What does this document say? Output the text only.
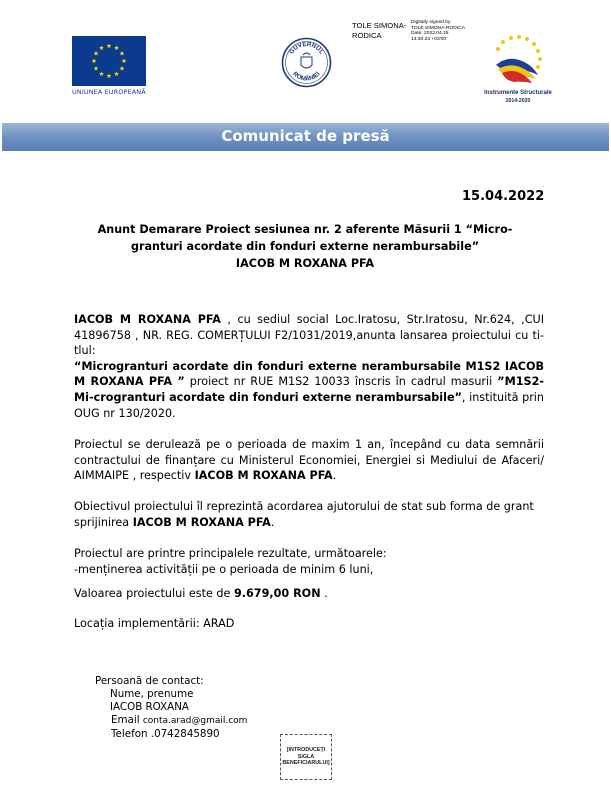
UNIUNEA EUROPEANĂ
GUVERNUL
ROMÂNIEI
TOLE SIMONA-RODICA
Digitally signed by
TOLE SIMONA-RODICA
Date: 2022.04.15
14:30:23 +03'00'
Instrumente Structurale
2014-2020
Comunicat de presă
15.04.2022
Anunt Demarare Proiect sesiunea nr. 2 aferente Măsurii 1 “Micro-
granturi acordate din fonduri externe nerambursabile”
IACOB M ROXANA PFA
IACOB M ROXANA PFA , cu sediul social Loc.Iratosu, Str.Iratosu, Nr.624, ,CUI 41896758 , NR. REG. COMERȚULUI F2/1031/2019,anunta lansarea proiectului cu ti-tlul:
“Microgranturi acordate din fonduri externe nerambursabile M1S2 IACOB M ROXANA PFA ” proiect nr RUE M1S2 10033 înscris în cadrul masurii ”M1S2-Mi-crogranturi acordate din fonduri externe nerambursabile”, instituită prin OUG nr 130/2020.
Proiectul se derulează pe o perioada de maxim 1 an, începând cu data semnării contractului de finanțare cu Ministerul Economiei, Energiei si Mediului de Afaceri/ AIMMAIPE , respectiv IACOB M ROXANA PFA.
Obiectivul proiectului îl reprezintă acordarea ajutorului de stat sub forma de grant sprijinirea IACOB M ROXANA PFA.
Proiectul are printre principalele rezultate, următoarele:
-menținerea activității pe o perioada de minim 6 luni,
Valoarea proiectului este de 9.679,00 RON .
Locația implementării: ARAD
Persoană de contact:
Nume, prenume
IACOB ROXANA
Email conta.arad@gmail.com
Telefon .0742845890
[INTRODUCEȚI SIGLA BENEFICIARULUI]
